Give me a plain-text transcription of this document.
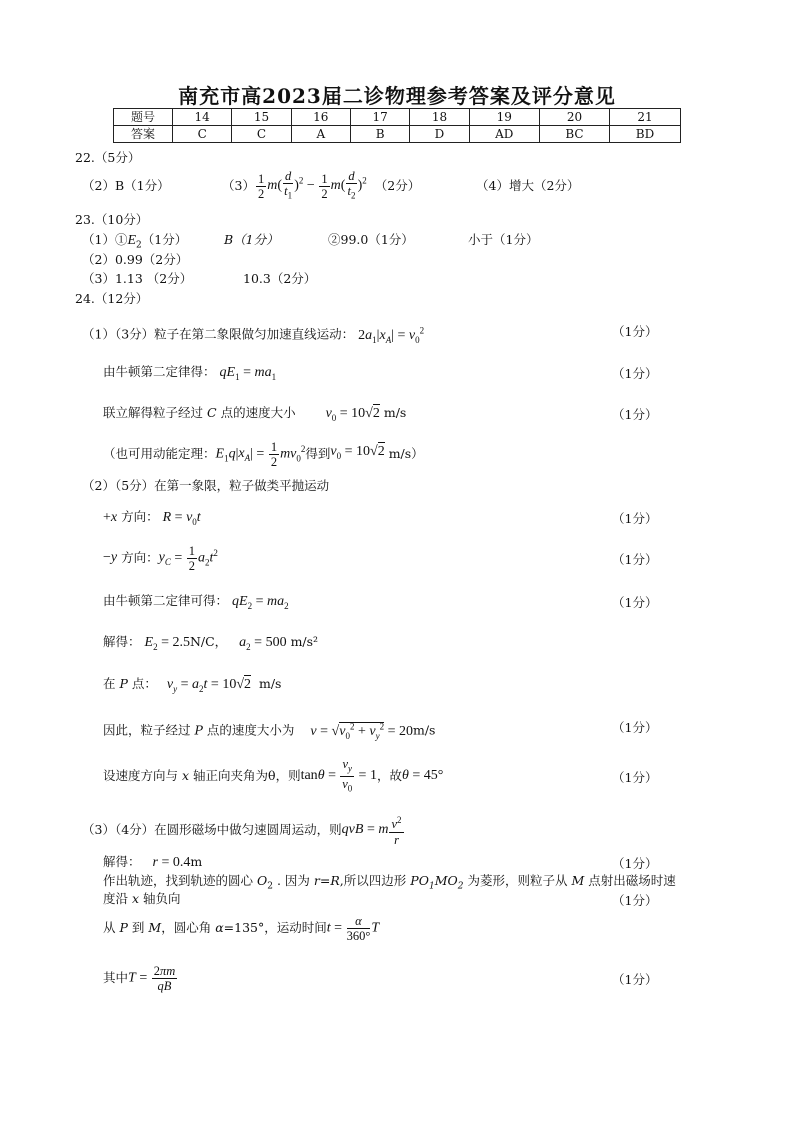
南充市高2023届二诊物理参考答案及评分意见
题号	14	15	16	17	18	19	20	21
答案	C	C	A	B	D	AD	BC	BD
22.（5分）
（2）B（1分）	$(3) \frac{1}{2} m( \frac{d}{t_1} )^2 - \frac{1}{2} m( \frac{d}{t_2} )^2$ （2分）	（4）增大（2分）
23.（10分）
$(1)①E_2(1$分）	B（1分）	②99.0（1分）	小于（1分）
（2）0.99（2分）
（3）1.13 （2分）	10.3（2分）
24.（12分）
（1）（3分）粒子在第二象限做匀加速直线运动： $2a_1|x_A| = v_0^2$	（1分）
由牛顿第二定律得： $qE_1 = ma_1$	（1分）
联立解得粒子经过 C 点的速度大小 $v_0 = 10√2$ m/s	（1分）
（也可用动能定理： $E_1q|x_A| = \frac{1}{2} mv_0^2$ 得到 $v_0 = 10√2$
m/s）
（2）（5分）在第一象限，粒子做类平抛运动
+x 方向： $R = v_0t$	（1分）
−y
方向： $y_C = \frac{1}{2} a_2t^2$	（1分）
由牛顿第二定律可得： $qE_2 = ma_2$	（1分）
解得： $E_2 = 2.5N/C$， $a_2 = 500$ m/s²
在 P 点： $v_y = a_2t = 10√2$ m/s
因此，粒子经过 P 点的速度大小为 $v = √v_0^2 + v_y^2 = 20m/s$	（1分）
设速度方向与
x
轴正向夹角为θ，则 $\tan\theta = \frac{v_y}{v_0} = 1$ ，故 θ = 45°	（1分）
（3）（4分）在圆形磁场中做匀速圆周运动，则 qvB = m $\frac{v^2}{r}$
解得： r = 0.4m	（1分）
作出轨迹，找到轨迹的圆心 $O_2$ . 因为 r=R,所以四边形 $PO_1MO_2$ 为菱形，则粒子从 M 点射出磁场时速
度沿 x 轴负向	（1分）
从
P
到
M ，圆心角
α =135° ，运动时间 $t = \frac{\alpha}{360^\circ}$ T
其中 $T = \frac{2\pi m}{qB}$	（1分）
